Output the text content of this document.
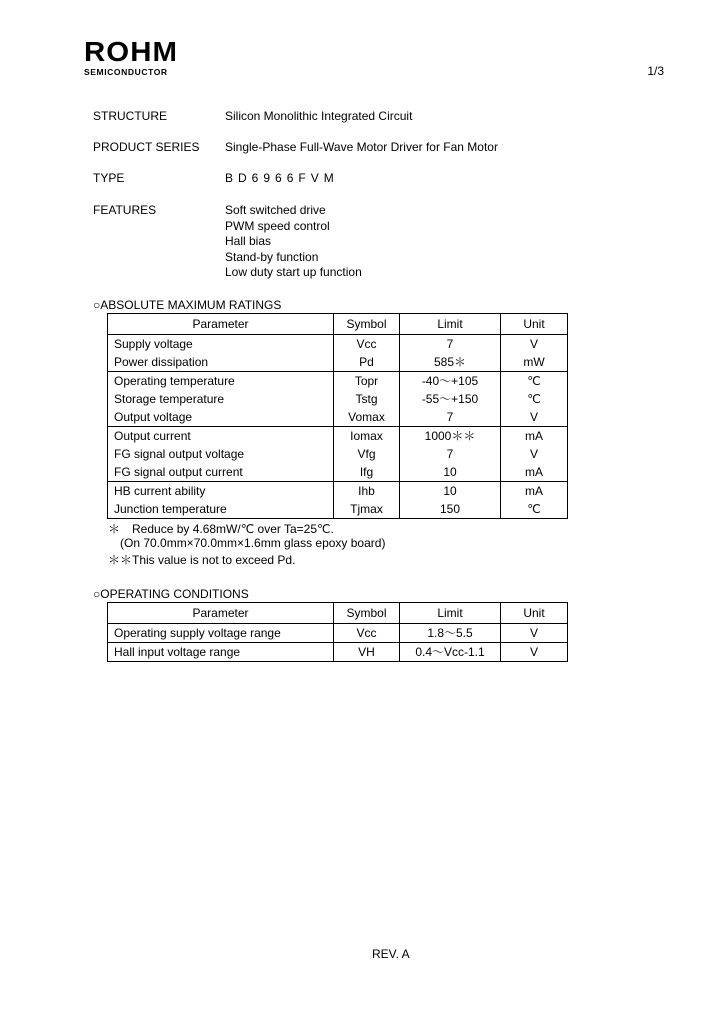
ROHM
SEMICONDUCTOR	1/3
STRUCTURE	Silicon Monolithic Integrated Circuit
PRODUCT SERIES Single-Phase Full-Wave Motor Driver for Fan Motor
TYPE	BD6966FVM
FEATURES	Soft switched drive
PWM speed control
Hall bias
Stand-by function
Low duty start up function
○ABSOLUTE MAXIMUM RATINGS
Parameter	Symbol	Limit	Unit
Supply voltage	Vcc	7	V
Power dissipation	Pd	585＊	mW
Operating temperature	Topr	-40～+105	℃
Storage temperature	Tstg	-55～+150	℃
Output voltage	Vomax	7	V
Output current	Iomax	1000＊＊	mA
FG signal output voltage	Vfg	7	V
FG signal output current	Ifg	10	mA
HB current ability	Ihb	10	mA
Junction temperature	Tjmax	150	℃
＊　Reduce by 4.68mW/℃ over Ta=25℃.
(On 70.0mm×70.0mm×1.6mm glass epoxy board)
＊＊This value is not to exceed Pd.
○OPERATING CONDITIONS
Parameter	Symbol	Limit	Unit
Operating supply voltage range	Vcc	1.8～5.5	V
Hall input voltage range	VH	0.4～Vcc-1.1	V
REV. A
